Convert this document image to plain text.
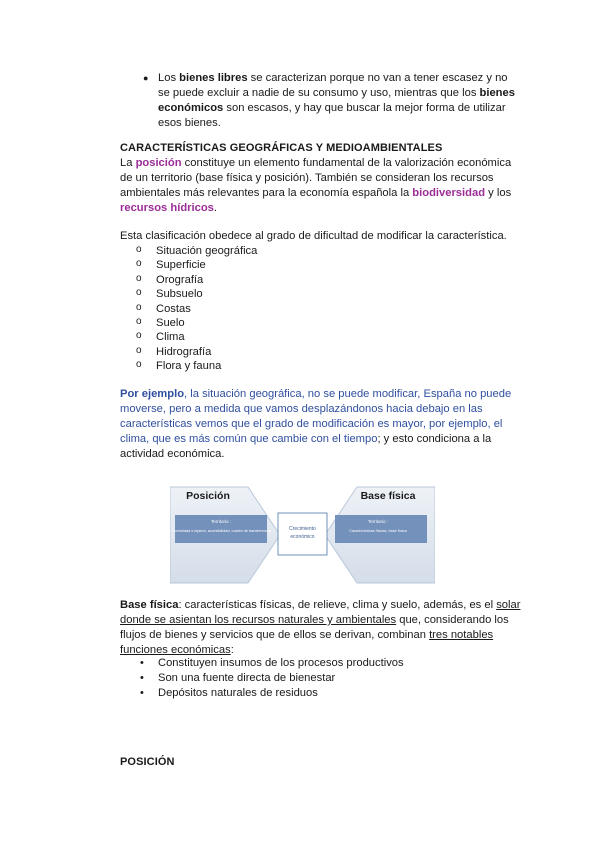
● Los bienes libres se caracterizan porque no van a tener escasez y no se puede excluir a nadie de su consumo y uso, mientras que los bienes económicos son escasos, y hay que buscar la mejor forma de utilizar esos bienes.

CARACTERÍSTICAS GEOGRÁFICAS Y MEDIOAMBIENTALES

La posición constituye un elemento fundamental de la valorización económica de un territorio (base física y posición). También se consideran los recursos ambientales más relevantes para la economía española la biodiversidad y los recursos hídricos.

Esta clasificación obedece al grado de dificultad de modificar la característica.

o Situación geográfica
o Superficie
o Orografía
o Subsuelo
o Costas
o Suelo
o Clima
o Hidrografía
o Flora y fauna

Por ejemplo, la situación geográfica, no se puede modificar, España no puede moverse, pero a medida que vamos desplazándonos hacia debajo en las características vemos que el grado de modificación es mayor, por ejemplo, el clima, que es más común que cambie con el tiempo; y esto condiciona a la actividad económica.

Posición
Territorio :
Proximidad o lejanía, accesibilidad, costes de transferencia	Crecimiento económico
Base física
Territorio :
Características físicas, base física

Base física: características físicas, de relieve, clima y suelo, además, es el solar donde se asientan los recursos naturales y ambientales que, considerando los flujos de bienes y servicios que de ellos se derivan, combinan tres notables funciones económicas:

• Constituyen insumos de los procesos productivos
• Son una fuente directa de bienestar
• Depósitos naturales de residuos
POSICIÓN
